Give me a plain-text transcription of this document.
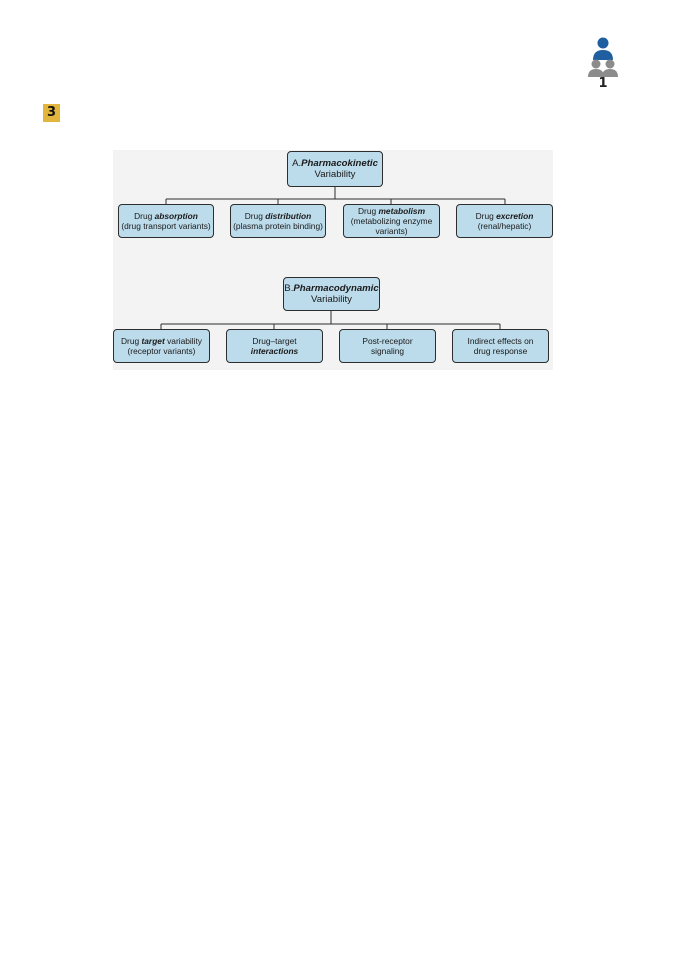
1
3
A.Pharmacokinetic
Variability
Drug absorption
(drug transport variants)
Drug distribution
(plasma protein binding)
Drug metabolism
(metabolizing enzyme
variants)
Drug excretion
(renal/hepatic)
B.Pharmacodynamic
Variability
Drug target variability
(receptor variants)
Drug–target
interactions
Post-receptor
signaling
Indirect effects on
drug response
